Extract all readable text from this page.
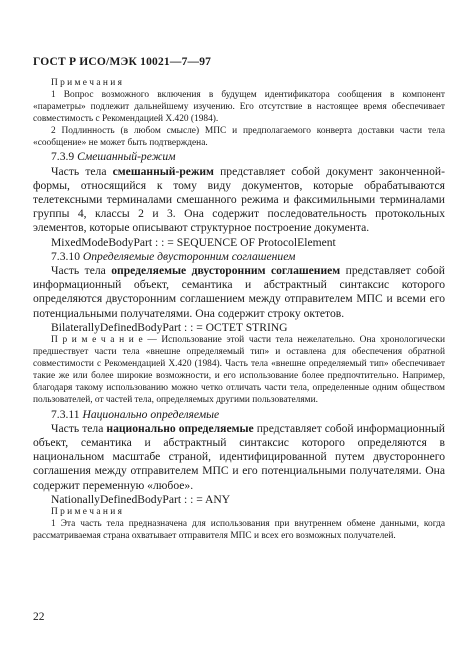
ГОСТ Р ИСО/МЭК 10021—7—97

П р и м е ч а н и я

1 Вопрос возможного включения в будущем идентификатора сообщения в компонент «параметры» подлежит дальнейшему изучению. Его отсутствие в настоящее время обеспечивает совместимость с Рекомендацией Х.420 (1984).

2 Подлинность (в любом смысле) МПС и предполагаемого конверта доставки части тела «сообщение» не может быть подтверждена.

7.3.9 Смешанный-режим

Часть тела смешанный-режим представляет собой документ законченной-формы, относящийся к тому виду документов, которые обрабатываются телетексными терминалами смешанного режима и факсимильными терминалами группы 4, классы 2 и 3. Она содержит последовательность протокольных элементов, которые описывают структурное построение документа.

MixedModeBodyPart : : = SEQUENCE OF ProtocolElement

7.3.10 Определяемые двусторонним соглашением

Часть тела определяемые двусторонним соглашением представляет собой информационный объект, семантика и абстрактный синтаксис которого определяются двусторонним соглашением между отправителем МПС и всеми его потенциальными получателями. Она содержит строку октетов.

BilaterallyDefinedBodyPart : : = OCTET STRING

П р и м е ч а н и е — Использование этой части тела нежелательно. Она хронологически предшествует части тела «внешне определяемый тип» и оставлена для обеспечения обратной совместимости с Рекомендацией Х.420 (1984). Часть тела «внешне определяемый тип» обеспечивает такие же или более широкие возможности, и его использование более предпочтительно. Например, благодаря такому использованию можно четко отличать части тела, определенные одним обществом пользователей, от частей тела, определяемых другими пользователями.

7.3.11 Национально определяемые

Часть тела национально определяемые представляет собой информационный объект, семантика и абстрактный синтаксис которого определяются в национальном масштабе страной, идентифицированной путем двустороннего соглашения между отправителем МПС и его потенциальными получателями. Она содержит переменную «любое».

NationallyDefinedBodyPart : : = ANY

П р и м е ч а н и я

1 Эта часть тела предназначена для использования при внутреннем обмене данными, когда рассматриваемая страна охватывает отправителя МПС и всех его возможных получателей.

22
